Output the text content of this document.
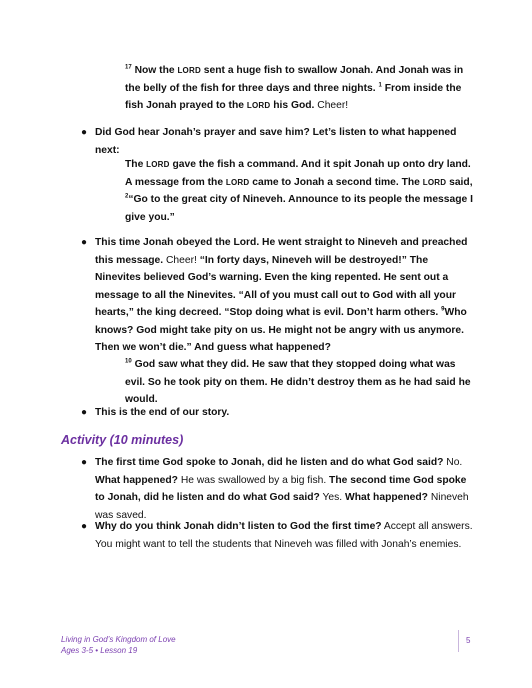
$^{17}$ Now the LORD sent a huge fish to swallow Jonah. And Jonah was in the belly of the fish for three days and three nights. $^1$ From inside the fish Jonah prayed to the LORD his God. Cheer!
● Did God hear Jonah’s prayer and save him? Let’s listen to what happened next:
The LORD gave the fish a command. And it spit Jonah up onto dry land. A message from the LORD came to Jonah a second time. The LORD said, $^2$“Go to the great city of Nineveh. Announce to its people the message I give you.”
● This time Jonah obeyed the Lord. He went straight to Nineveh and preached this message. Cheer! “In forty days, Nineveh will be destroyed!” The Ninevites believed God’s warning. Even the king repented. He sent out a message to all the Ninevites. “All of you must call out to God with all your hearts,” the king decreed. “Stop doing what is evil. Don’t harm others. $^9$Who knows? God might take pity on us. He might not be angry with us anymore. Then we won’t die.” And guess what happened?
$^{10}$ God saw what they did. He saw that they stopped doing what was evil. So he took pity on them. He didn’t destroy them as he had said he would.
● This is the end of our story.
Activity (10 minutes)
● The first time God spoke to Jonah, did he listen and do what God said? No. What happened? He was swallowed by a big fish. The second time God spoke to Jonah, did he listen and do what God said? Yes. What happened? Nineveh was saved.
● Why do you think Jonah didn’t listen to God the first time? Accept all answers. You might want to tell the students that Nineveh was filled with Jonah’s enemies.
Living in God’s Kingdom of Love
Ages 3-5 • Lesson 19
5
